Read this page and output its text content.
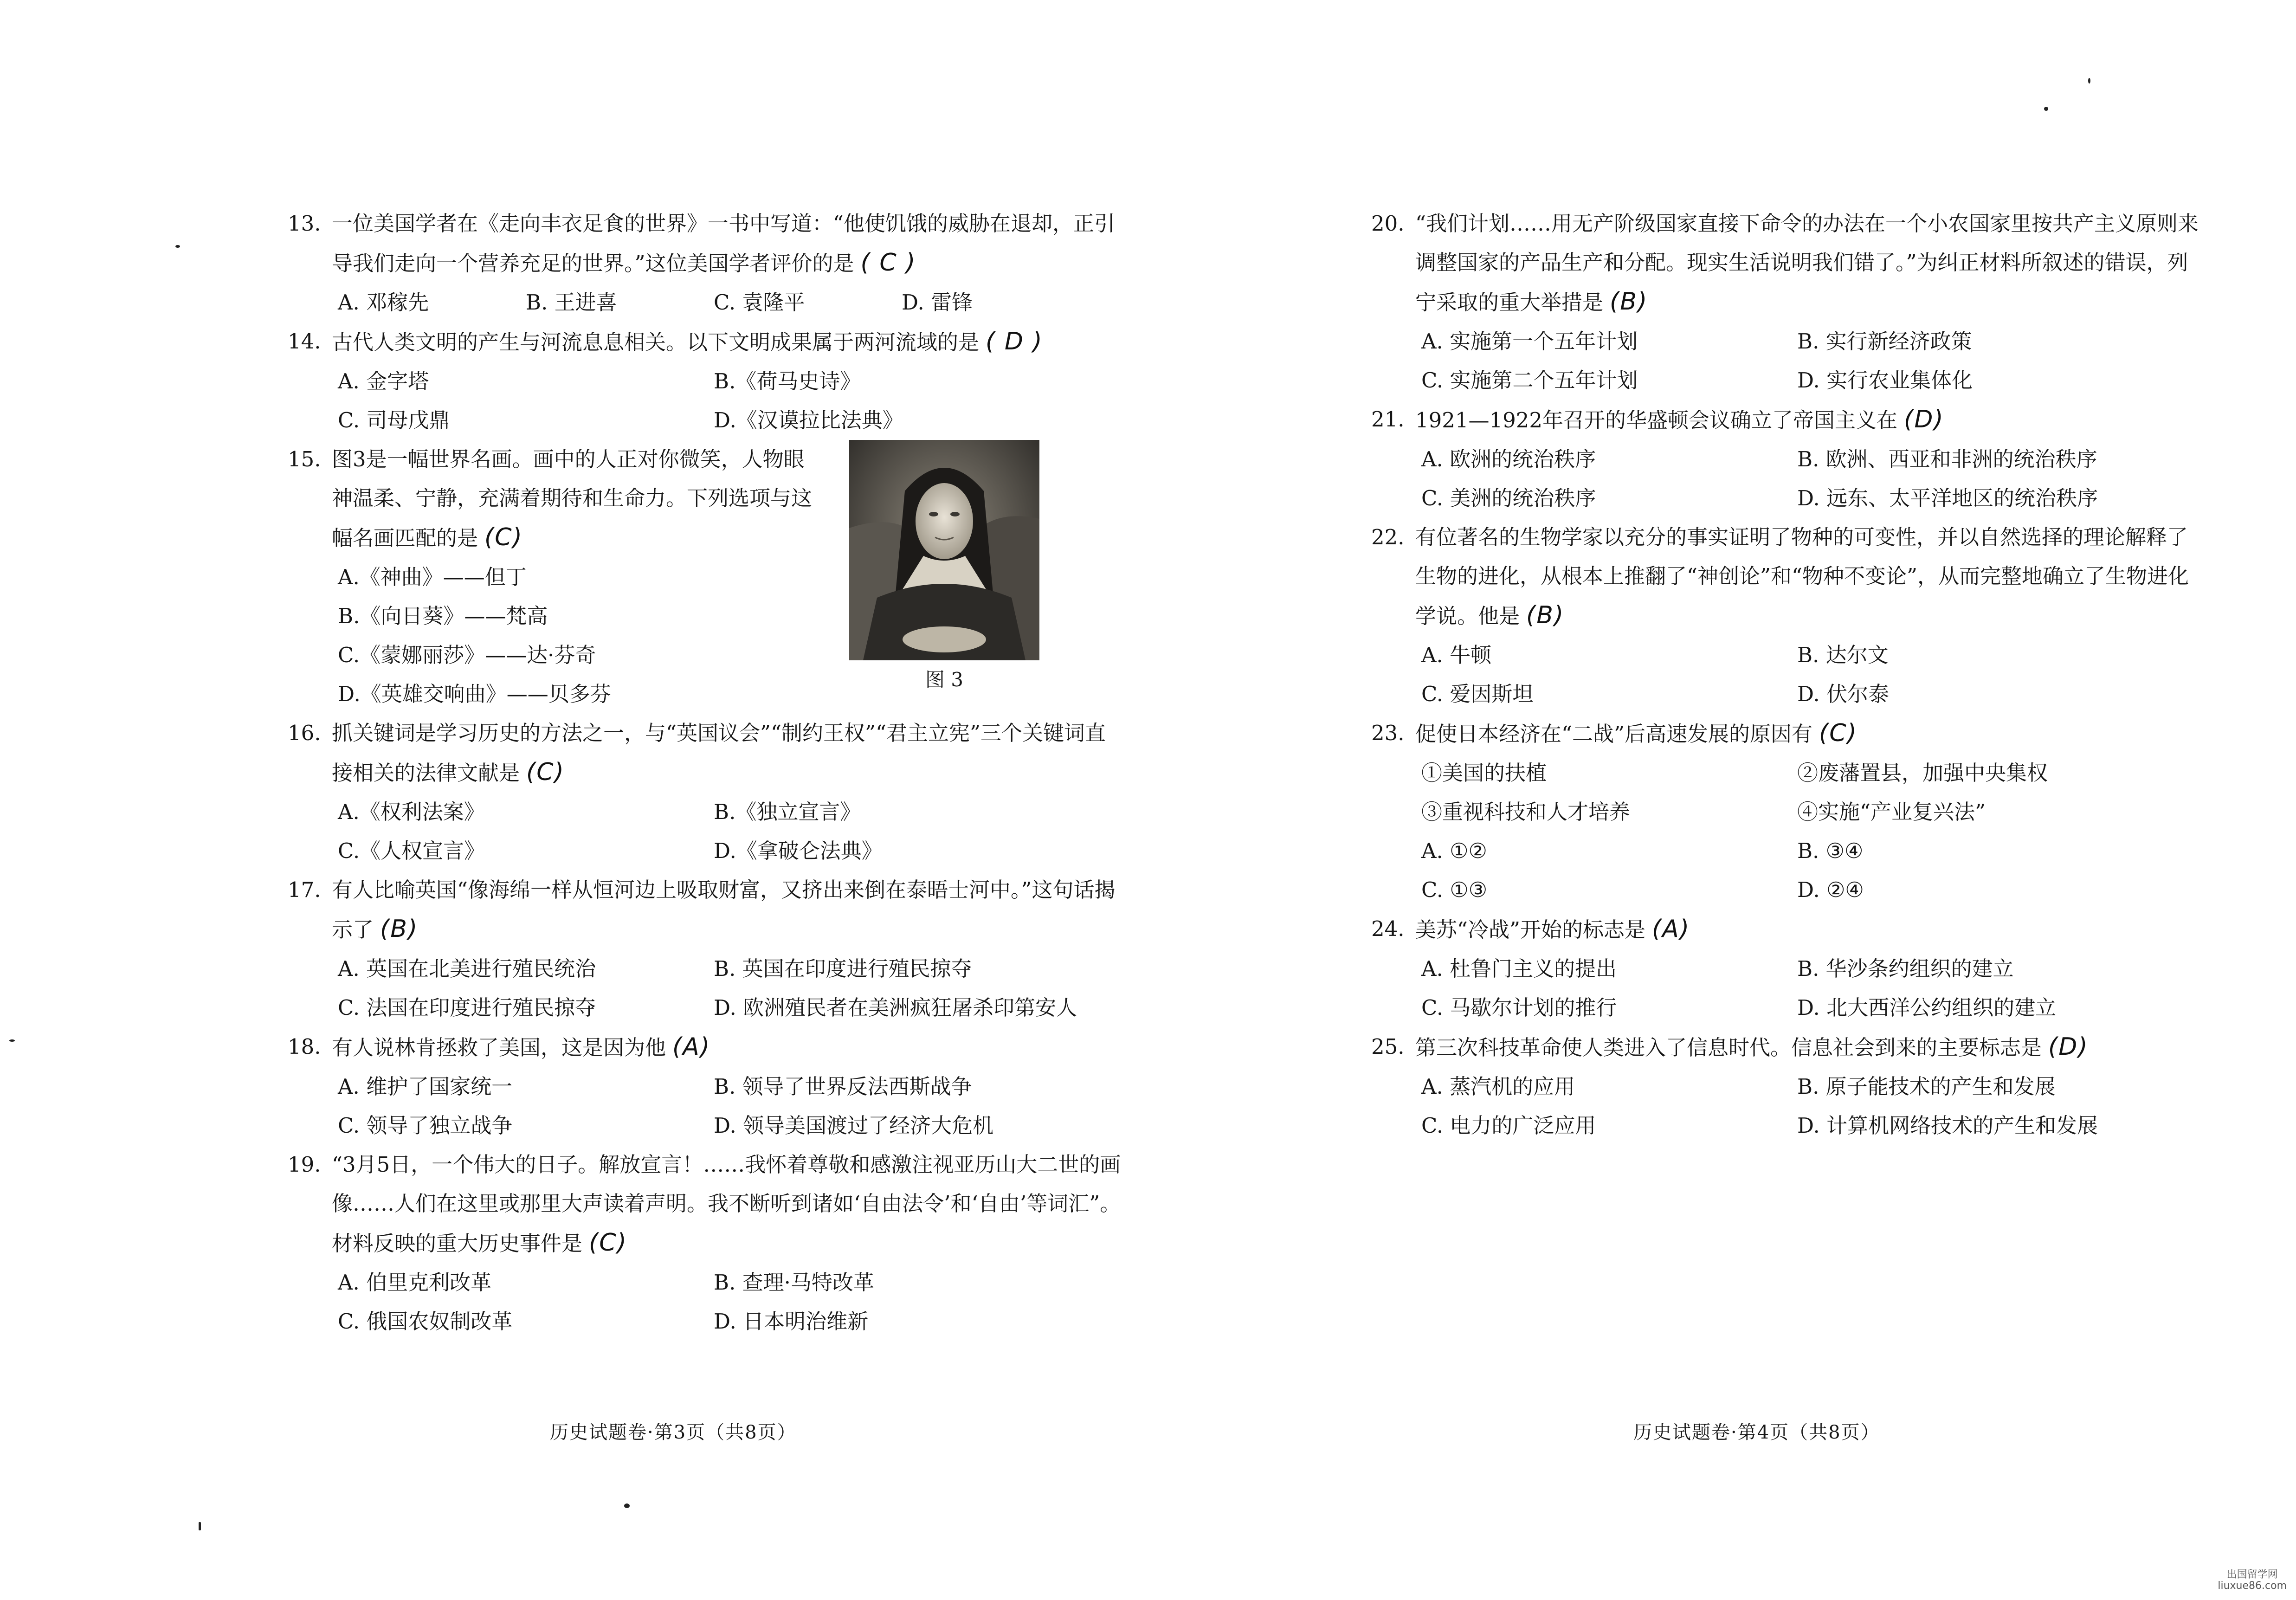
13. 一位美国学者在《走向丰衣足食的世界》一书中写道：“他使饥饿的威胁在退却，正引导我们走向一个营养充足的世界。”这位美国学者评价的是 ( C )
A. 邓稼先	B. 王进喜	C. 袁隆平	D. 雷锋
14. 古代人类文明的产生与河流息息相关。以下文明成果属于两河流域的是 ( D )
A. 金字塔	B.《荷马史诗》
C. 司母戊鼎	D.《汉谟拉比法典》
15. 图3是一幅世界名画。画中的人正对你微笑，人物眼神温柔、宁静，充满着期待和生命力。下列选项与这幅名画匹配的是 (C)
图 3
A.《神曲》——但丁
B.《向日葵》——梵高
C.《蒙娜丽莎》——达·芬奇
D.《英雄交响曲》——贝多芬
16. 抓关键词是学习历史的方法之一，与“英国议会”“制约王权”“君主立宪”三个关键词直接相关的法律文献是 (C)
A.《权利法案》	B.《独立宣言》
C.《人权宣言》	D.《拿破仑法典》
17. 有人比喻英国“像海绵一样从恒河边上吸取财富，又挤出来倒在泰晤士河中。”这句话揭示了 (B)
A. 英国在北美进行殖民统治	B. 英国在印度进行殖民掠夺
C. 法国在印度进行殖民掠夺	D. 欧洲殖民者在美洲疯狂屠杀印第安人
18. 有人说林肯拯救了美国，这是因为他 (A)
A. 维护了国家统一	B. 领导了世界反法西斯战争
C. 领导了独立战争	D. 领导美国渡过了经济大危机
19. “3月5日，一个伟大的日子。解放宣言！……我怀着尊敬和感激注视亚历山大二世的画像……人们在这里或那里大声读着声明。我不断听到诸如‘自由法令’和‘自由’等词汇”。材料反映的重大历史事件是 (C)
A. 伯里克利改革	B. 查理·马特改革
C. 俄国农奴制改革	D. 日本明治维新
20. “我们计划……用无产阶级国家直接下命令的办法在一个小农国家里按共产主义原则来调整国家的产品生产和分配。现实生活说明我们错了。”为纠正材料所叙述的错误，列宁采取的重大举措是 (B)
A. 实施第一个五年计划	B. 实行新经济政策
C. 实施第二个五年计划	D. 实行农业集体化
21. 1921—1922年召开的华盛顿会议确立了帝国主义在 (D)
A. 欧洲的统治秩序	B. 欧洲、西亚和非洲的统治秩序
C. 美洲的统治秩序	D. 远东、太平洋地区的统治秩序
22. 有位著名的生物学家以充分的事实证明了物种的可变性，并以自然选择的理论解释了生物的进化，从根本上推翻了“神创论”和“物种不变论”，从而完整地确立了生物进化学说。他是 (B)
A. 牛顿	B. 达尔文
C. 爱因斯坦	D. 伏尔泰
23. 促使日本经济在“二战”后高速发展的原因有 (C)
①美国的扶植	②废藩置县，加强中央集权
③重视科技和人才培养	④实施“产业复兴法”
A. ①②	B. ③④
C. ①③	D. ②④
24. 美苏“冷战”开始的标志是 (A)
A. 杜鲁门主义的提出	B. 华沙条约组织的建立
C. 马歇尔计划的推行	D. 北大西洋公约组织的建立
25. 第三次科技革命使人类进入了信息时代。信息社会到来的主要标志是 (D)
A. 蒸汽机的应用	B. 原子能技术的产生和发展
C. 电力的广泛应用	D. 计算机网络技术的产生和发展
历史试题卷·第3页（共8页）	历史试题卷·第4页（共8页）
出国留学网
liuxue86.com
